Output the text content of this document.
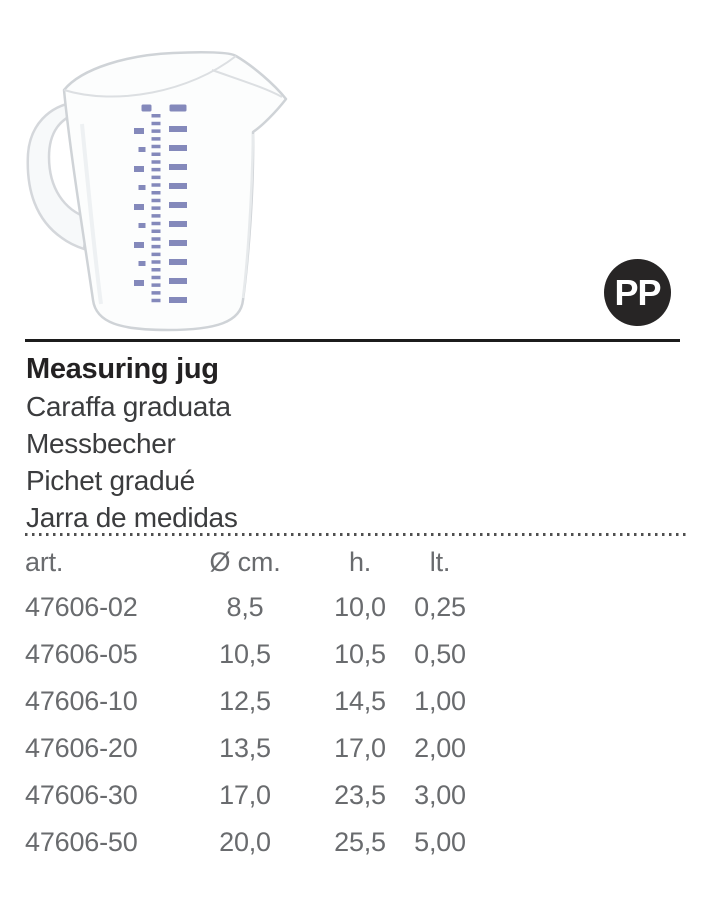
PP
Measuring jug
Caraffa graduata
Messbecher
Pichet gradué
Jarra de medidas
art.	Ø cm.	h.	lt.
47606-02	8,5	10,0	0,25
47606-05	10,5	10,5	0,50
47606-10	12,5	14,5	1,00
47606-20	13,5	17,0	2,00
47606-30	17,0	23,5	3,00
47606-50	20,0	25,5	5,00
